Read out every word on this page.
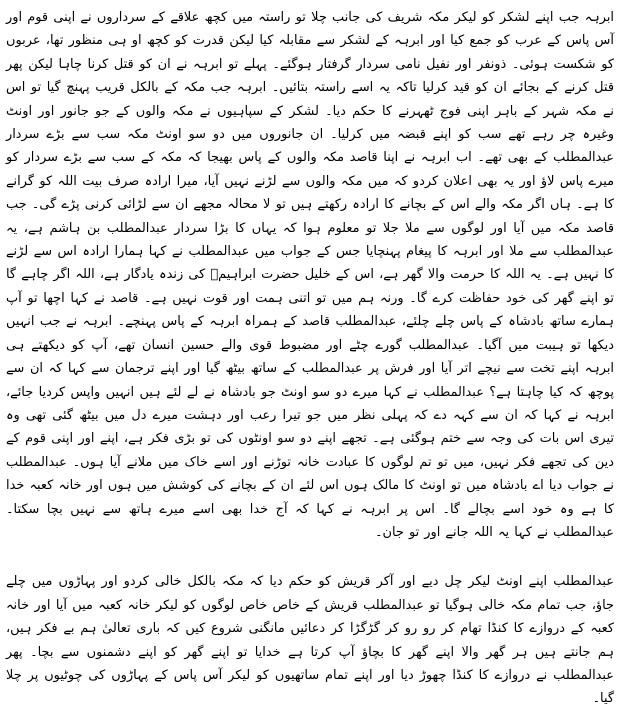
ابرہہ جب اپنے لشکر کو لیکر مکہ شریف کی جانب چلا تو راستہ میں کچھ علاقے کے سرداروں نے اپنی قوم اور آس پاس کے عرب کو جمع کیا اور ابرہہ کے لشکر سے مقابلہ کیا لیکن قدرت کو کچھ او ہی منظور تھا، عربوں کو شکست ہوئی۔ ذونفر اور نفیل نامی سردار گرفتار ہوگئے۔ پہلے تو ابرہہ نے ان کو قتل کرنا چاہا لیکن پھر قتل کرنے کے بجائے ان کو قید کرلیا تاکہ یہ اسے راستہ بتائیں۔ ابرہہ جب مکہ کے بالکل قریب پہنچ گیا تو اس نے مکہ شہر کے باہر اپنی فوج ٹھہرنے کا حکم دیا۔ لشکر کے سپاہیوں نے مکہ والوں کے جو جانور اور اونٹ وغیرہ چر رہے تھے سب کو اپنے قبضہ میں کرلیا۔ ان جانوروں میں دو سو اونٹ مکہ سب سے بڑے سردار عبدالمطلب کے بھی تھے۔ اب ابرہہ نے اپنا قاصد مکہ والوں کے پاس بھیجا کہ مکہ کے سب سے بڑے سردار کو میرے پاس لاؤ اور یہ بھی اعلان کردو کہ میں مکہ والوں سے لڑنے نہیں آیا، میرا ارادہ صرف بیت اللہ کو گرانے کا ہے۔ ہاں اگر مکہ والے اس کے بچانے کا ارادہ رکھتے ہیں تو لا محالہ مجھے ان سے لڑائی کرنی پڑے گی۔ جب قاصد مکہ میں آیا اور لوگوں سے ملا جلا تو معلوم ہوا کہ یہاں کا بڑا سردار عبدالمطلب بن ہاشم ہے، یہ عبدالمطلب سے ملا اور ابرہہ کا پیغام پہنچایا جس کے جواب میں عبدالمطلب نے کہا ہمارا ارادہ اس سے لڑنے کا نہیں ہے۔ یہ اللہ کا حرمت والا گھر ہے، اس کے خلیل حضرت ابراہیمؑ کی زندہ یادگار ہے، اللہ اگر چاہے گا تو اپنے گھر کی خود حفاظت کرے گا۔ ورنہ ہم میں تو اتنی ہمت اور قوت نہیں ہے۔ قاصد نے کہا اچھا تو آپ ہمارے ساتھ بادشاہ کے پاس چلے چلئے، عبدالمطلب قاصد کے ہمراہ ابرہہ کے پاس پہنچے۔ ابرہہ نے جب انہیں دیکھا تو ہیبت میں آگیا۔ عبدالمطلب گورے چٹے اور مضبوط قوی والے حسین انسان تھے، آپ کو دیکھتے ہی ابرہہ اپنے تخت سے نیچے اتر آیا اور فرش پر عبدالمطلب کے ساتھ بیٹھ گیا اور اپنے ترجمان سے کہا کہ ان سے پوچھ کہ کیا چاہتا ہے؟ عبدالمطلب نے کہا میرے دو سو اونٹ جو بادشاہ نے لے لئے ہیں انہیں واپس کردیا جائے، ابرہہ نے کہا کہ ان سے کہہ دے کہ پہلی نظر میں جو تیرا رعب اور دہشت میرے دل میں بیٹھ گئی تھی وہ تیری اس بات کی وجہ سے ختم ہوگئی ہے۔ تجھے اپنے دو سو اونٹوں کی تو بڑی فکر ہے، اپنے اور اپنی قوم کے دین کی تجھے فکر نہیں، میں تو تم لوگوں کا عبادت خانہ توڑنے اور اسے خاک میں ملانے آیا ہوں۔ عبدالمطلب نے جواب دیا اے بادشاہ میں تو اونٹ کا مالک ہوں اس لئے ان کے بچانے کی کوشش میں ہوں اور خانہ کعبہ خدا کا ہے وہ خود اسے بچالے گا۔ اس پر ابرہہ نے کہا کہ آج خدا بھی اسے میرے ہاتھ سے نہیں بچا سکتا۔ عبدالمطلب نے کہا یہ اللہ جانے اور تو جان۔

عبدالمطلب اپنے اونٹ لیکر چل دیے اور آکر قریش کو حکم دیا کہ مکہ بالکل خالی کردو اور پہاڑوں میں چلے جاؤ، جب تمام مکہ خالی ہوگیا تو عبدالمطلب قریش کے خاص خاص لوگوں کو لیکر خانہ کعبہ میں آیا اور خانہ کعبہ کے دروازے کا کنڈا تھام کر رو رو کر گڑگڑا کر دعائیں مانگنی شروع کیں کہ باری تعالیٰ ہم بے فکر ہیں، ہم جانتے ہیں ہر گھر والا اپنے گھر کا بچاؤ آپ کرتا ہے خدایا تو اپنے گھر کو اپنے دشمنوں سے بچا۔ پھر عبدالمطلب نے دروازے کا کنڈا چھوڑ دیا اور اپنے تمام ساتھیوں کو لیکر آس پاس کے پہاڑوں کی چوٹیوں پر چلا گیا۔
